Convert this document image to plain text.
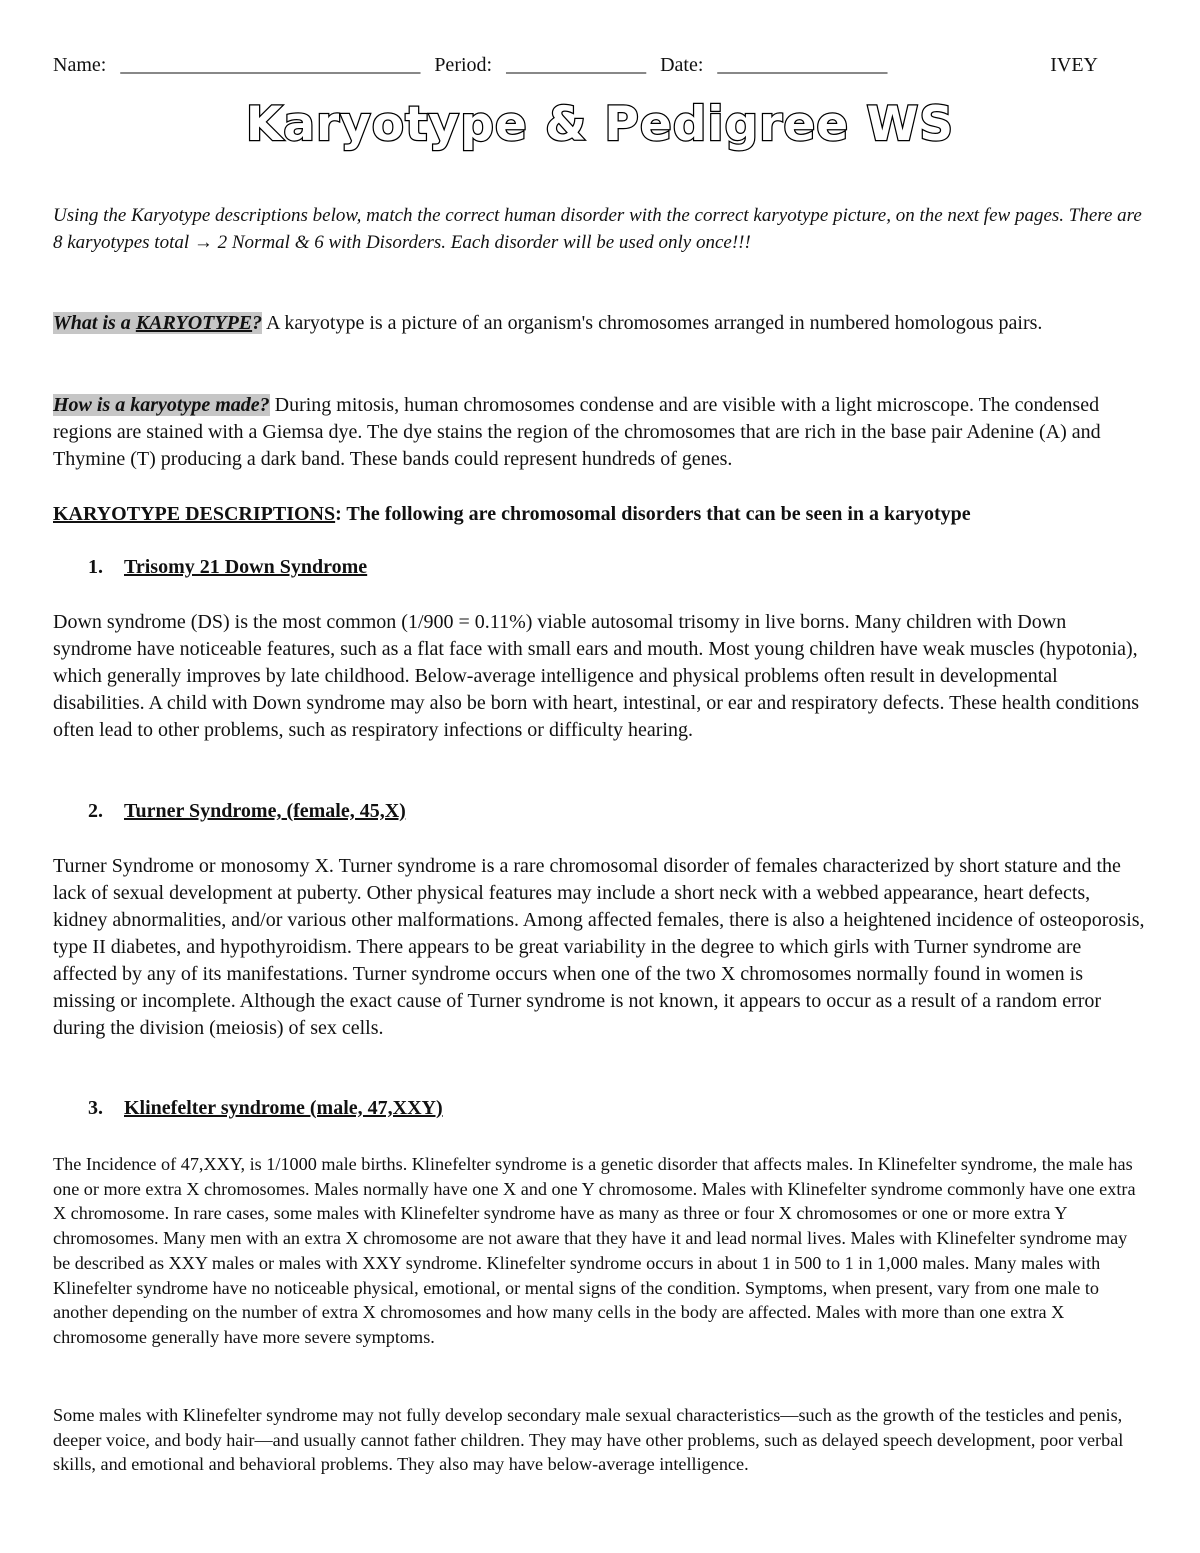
Name: ______________________________ Period: ______________ Date: _________________	IVEY
Karyotype & Pedigree WS
Using the Karyotype descriptions below, match the correct human disorder with the correct karyotype picture, on the next few pages. There are 8 karyotypes total → 2 Normal & 6 with Disorders. Each disorder will be used only once!!!
What is a KARYOTYPE? A karyotype is a picture of an organism's chromosomes arranged in numbered homologous pairs.
How is a karyotype made? During mitosis, human chromosomes condense and are visible with a light microscope. The condensed regions are stained with a Giemsa dye. The dye stains the region of the chromosomes that are rich in the base pair Adenine (A) and Thymine (T) producing a dark band. These bands could represent hundreds of genes.
KARYOTYPE DESCRIPTIONS: The following are chromosomal disorders that can be seen in a karyotype
1. Trisomy 21 Down Syndrome
Down syndrome (DS) is the most common (1/900 = 0.11%) viable autosomal trisomy in live borns. Many children with Down syndrome have noticeable features, such as a flat face with small ears and mouth. Most young children have weak muscles (hypotonia), which generally improves by late childhood. Below-average intelligence and physical problems often result in developmental disabilities. A child with Down syndrome may also be born with heart, intestinal, or ear and respiratory defects. These health conditions often lead to other problems, such as respiratory infections or difficulty hearing.
2. Turner Syndrome, (female, 45,X)
Turner Syndrome or monosomy X. Turner syndrome is a rare chromosomal disorder of females characterized by short stature and the lack of sexual development at puberty. Other physical features may include a short neck with a webbed appearance, heart defects, kidney abnormalities, and/or various other malformations. Among affected females, there is also a heightened incidence of osteoporosis, type II diabetes, and hypothyroidism. There appears to be great variability in the degree to which girls with Turner syndrome are affected by any of its manifestations. Turner syndrome occurs when one of the two X chromosomes normally found in women is missing or incomplete. Although the exact cause of Turner syndrome is not known, it appears to occur as a result of a random error during the division (meiosis) of sex cells.
3. Klinefelter syndrome (male, 47,XXY)
The Incidence of 47,XXY, is 1/1000 male births. Klinefelter syndrome is a genetic disorder that affects males. In Klinefelter syndrome, the male has one or more extra X chromosomes. Males normally have one X and one Y chromosome. Males with Klinefelter syndrome commonly have one extra X chromosome. In rare cases, some males with Klinefelter syndrome have as many as three or four X chromosomes or one or more extra Y chromosomes. Many men with an extra X chromosome are not aware that they have it and lead normal lives. Males with Klinefelter syndrome may be described as XXY males or males with XXY syndrome. Klinefelter syndrome occurs in about 1 in 500 to 1 in 1,000 males. Many males with Klinefelter syndrome have no noticeable physical, emotional, or mental signs of the condition. Symptoms, when present, vary from one male to another depending on the number of extra X chromosomes and how many cells in the body are affected. Males with more than one extra X chromosome generally have more severe symptoms.
Some males with Klinefelter syndrome may not fully develop secondary male sexual characteristics—such as the growth of the testicles and penis, deeper voice, and body hair—and usually cannot father children. They may have other problems, such as delayed speech development, poor verbal skills, and emotional and behavioral problems. They also may have below-average intelligence.
